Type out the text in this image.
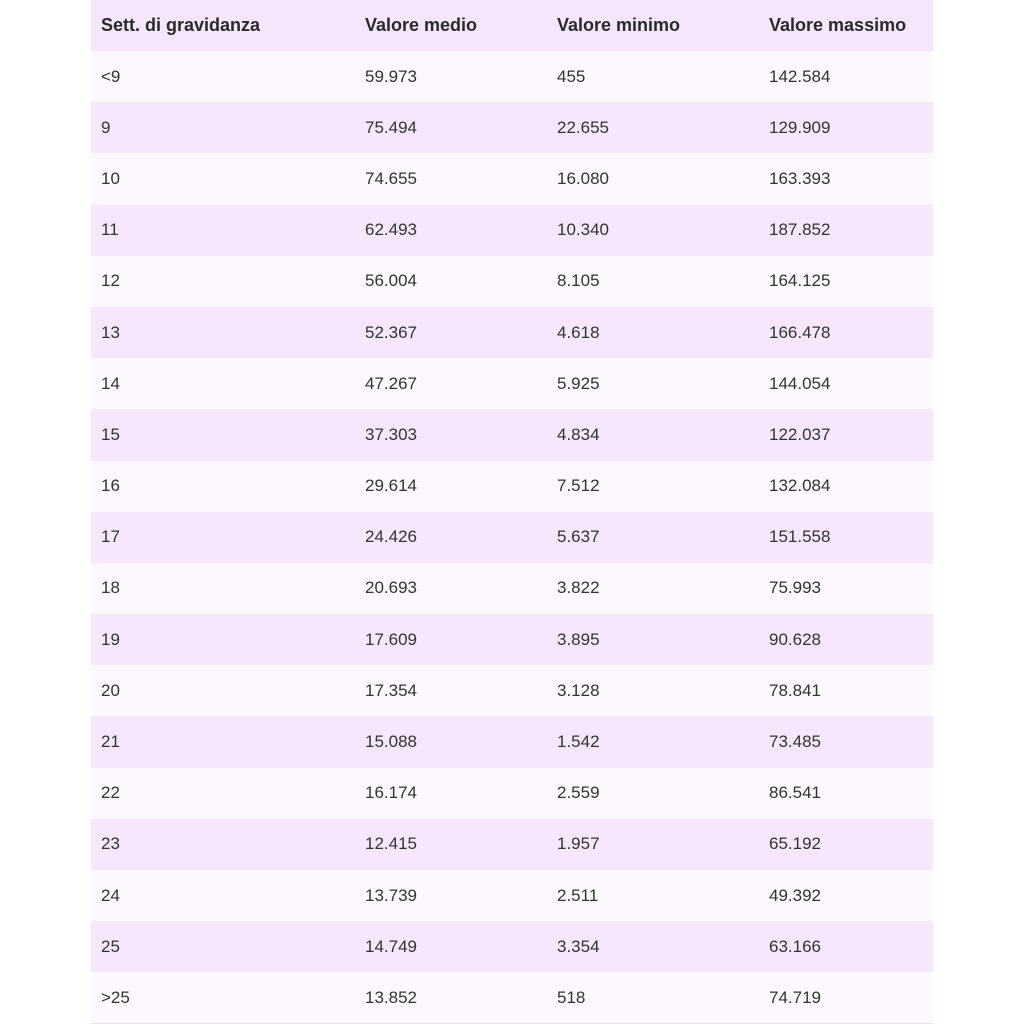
Sett. di gravidanza	Valore medio	Valore minimo	Valore massimo
<9	59.973	455	142.584
9	75.494	22.655	129.909
10	74.655	16.080	163.393
11	62.493	10.340	187.852
12	56.004	8.105	164.125
13	52.367	4.618	166.478
14	47.267	5.925	144.054
15	37.303	4.834	122.037
16	29.614	7.512	132.084
17	24.426	5.637	151.558
18	20.693	3.822	75.993
19	17.609	3.895	90.628
20	17.354	3.128	78.841
21	15.088	1.542	73.485
22	16.174	2.559	86.541
23	12.415	1.957	65.192
24	13.739	2.511	49.392
25	14.749	3.354	63.166
>25	13.852	518	74.719
